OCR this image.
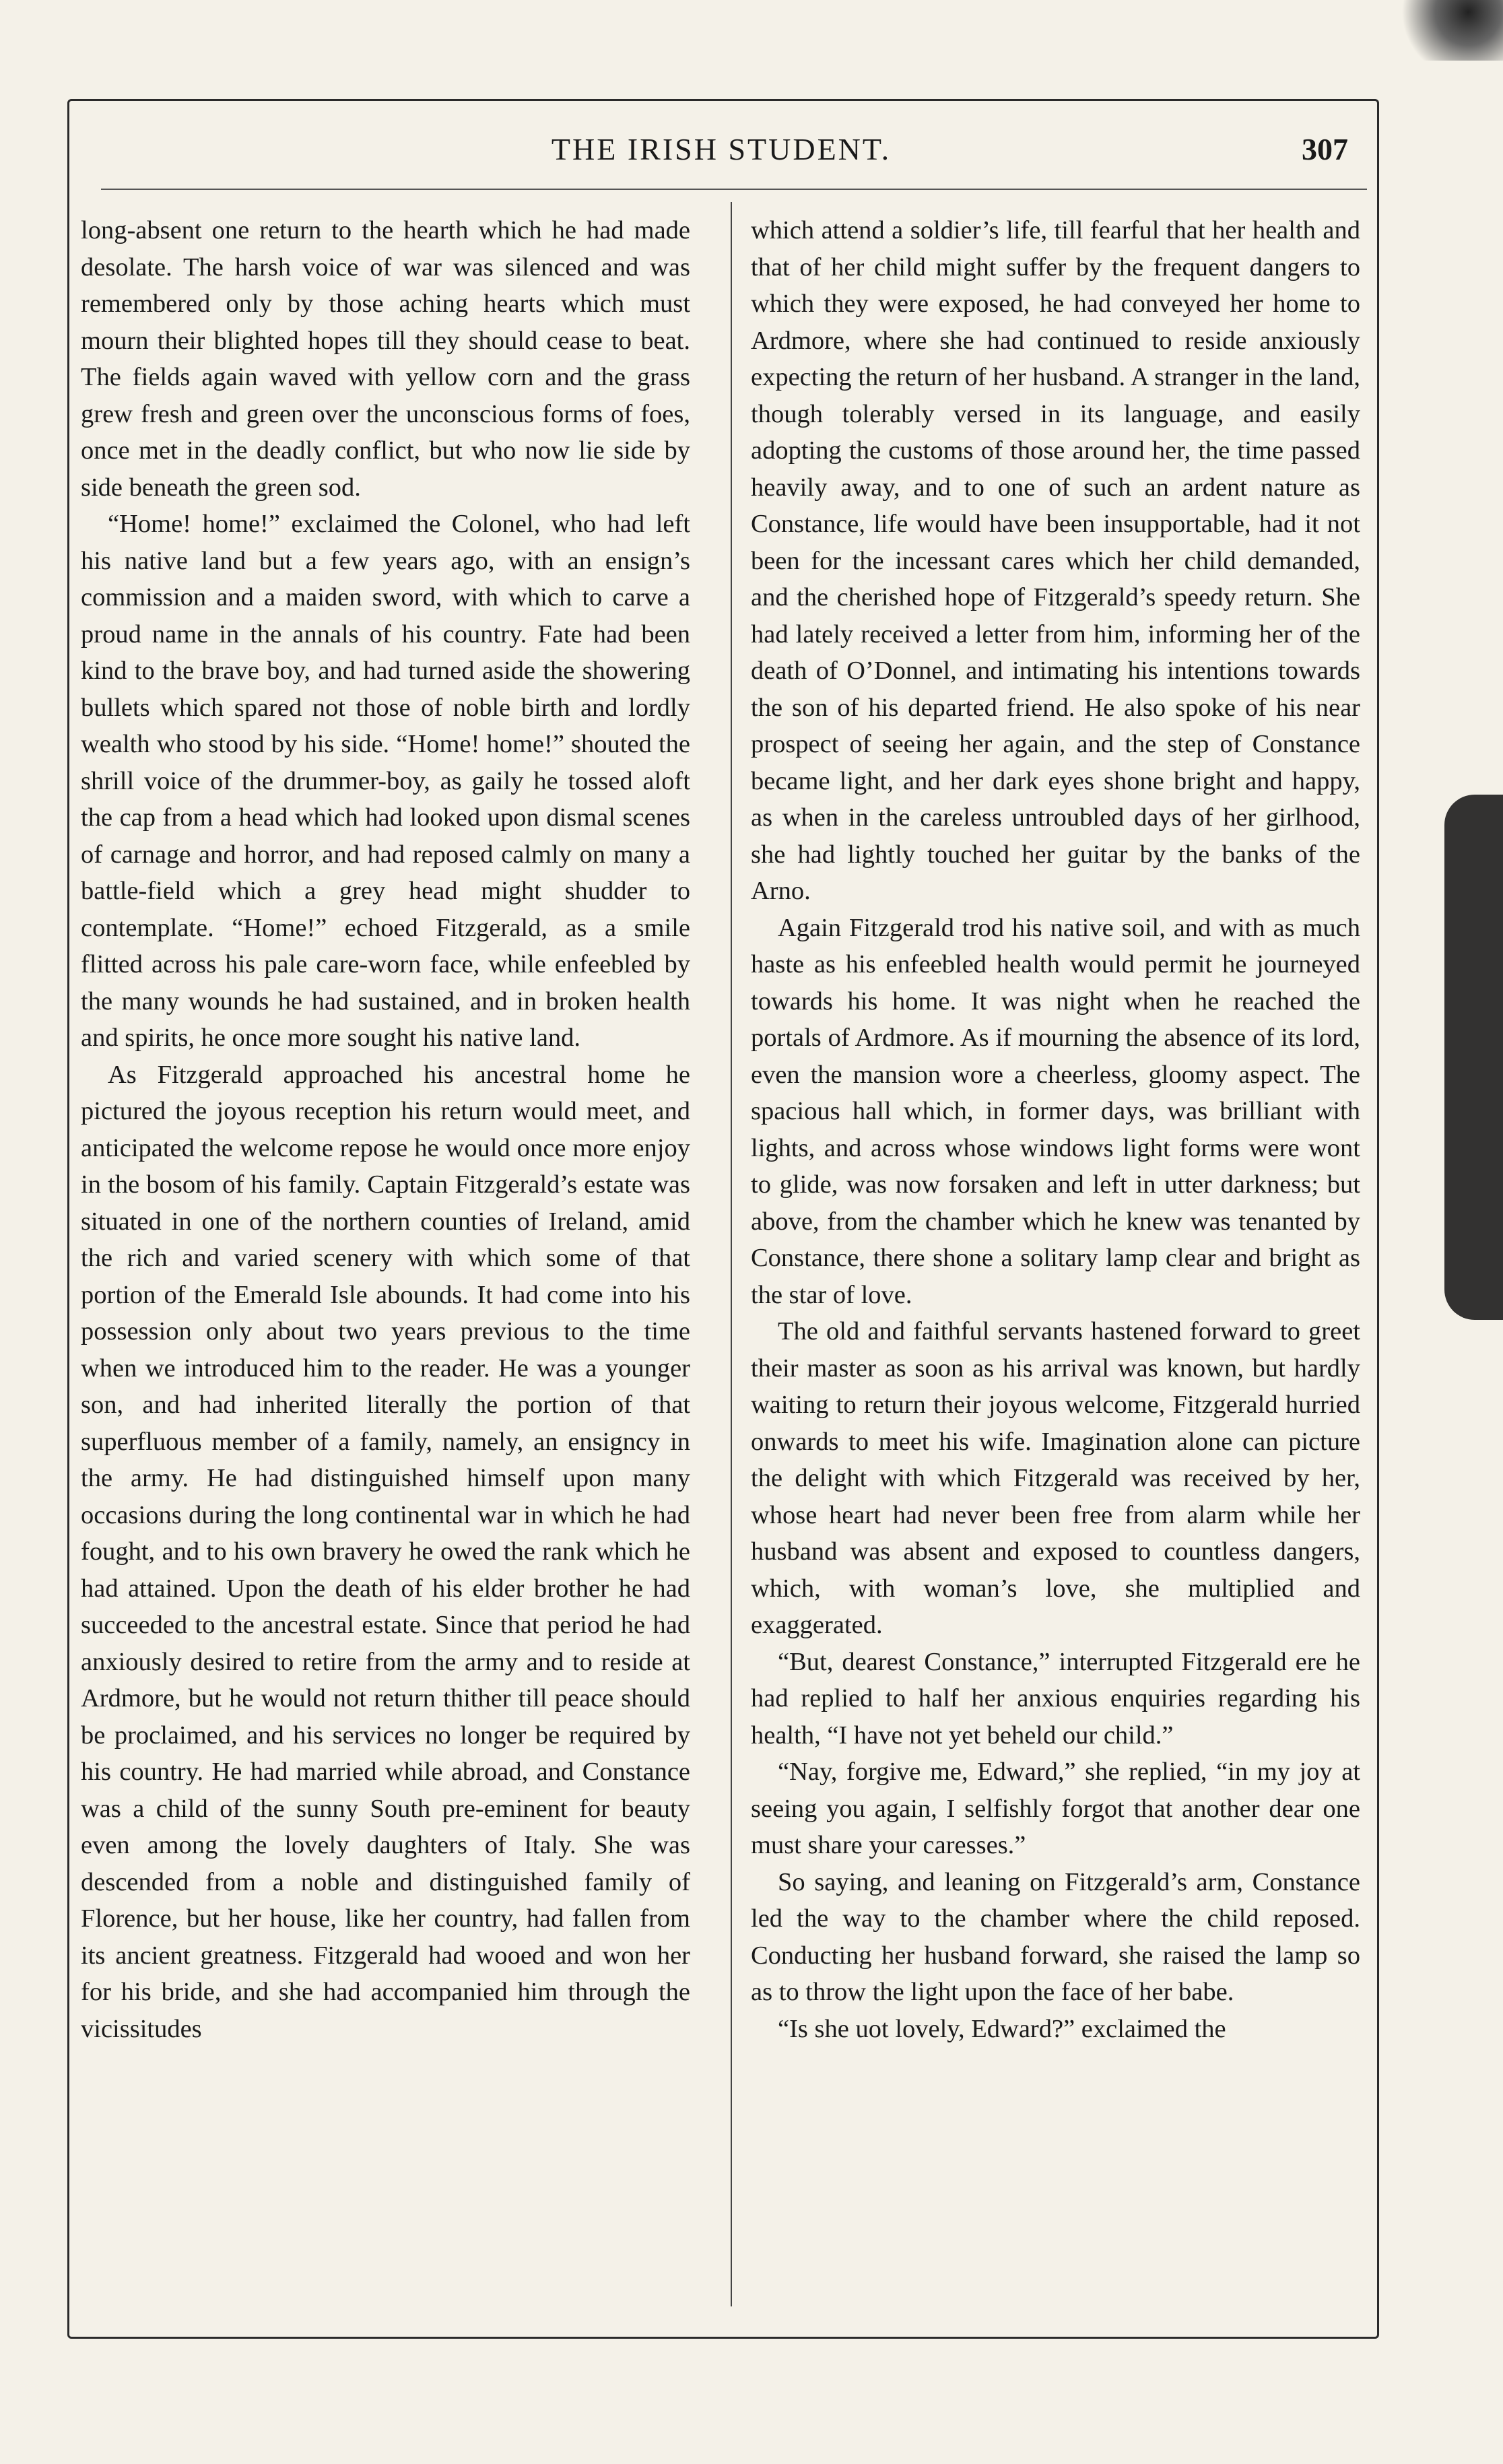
THE IRISH STUDENT.	307

long-absent one return to the hearth which he had made desolate. The harsh voice of war was silenced and was remembered only by those aching hearts which must mourn their blighted hopes till they should cease to beat. The fields again waved with yellow corn and the grass grew fresh and green over the unconscious forms of foes, once met in the deadly conflict, but who now lie side by side beneath the green sod.

“Home! home!” exclaimed the Colonel, who had left his native land but a few years ago, with an ensign’s commission and a maiden sword, with which to carve a proud name in the annals of his country. Fate had been kind to the brave boy, and had turned aside the showering bullets which spared not those of noble birth and lordly wealth who stood by his side. “Home! home!” shouted the shrill voice of the drummer-boy, as gaily he tossed aloft the cap from a head which had looked upon dismal scenes of carnage and horror, and had reposed calmly on many a battle-field which a grey head might shudder to contemplate. “Home!” echoed Fitzgerald, as a smile flitted across his pale care-worn face, while enfeebled by the many wounds he had sustained, and in broken health and spirits, he once more sought his native land.

As Fitzgerald approached his ancestral home he pictured the joyous reception his return would meet, and anticipated the welcome repose he would once more enjoy in the bosom of his family. Captain Fitzgerald’s estate was situated in one of the northern counties of Ireland, amid the rich and varied scenery with which some of that portion of the Emerald Isle abounds. It had come into his possession only about two years previous to the time when we introduced him to the reader. He was a younger son, and had inherited literally the portion of that superfluous member of a family, namely, an ensigncy in the army. He had distinguished himself upon many occasions during the long continental war in which he had fought, and to his own bravery he owed the rank which he had attained. Upon the death of his elder brother he had succeeded to the ancestral estate. Since that period he had anxiously desired to retire from the army and to reside at Ardmore, but he would not return thither till peace should be proclaimed, and his services no longer be required by his country. He had married while abroad, and Constance was a child of the sunny South pre-eminent for beauty even among the lovely daughters of Italy. She was descended from a noble and distinguished family of Florence, but her house, like her country, had fallen from its ancient greatness. Fitzgerald had wooed and won her for his bride, and she had accompanied him through the vicissitudes

which attend a soldier’s life, till fearful that her health and that of her child might suffer by the frequent dangers to which they were exposed, he had conveyed her home to Ardmore, where she had continued to reside anxiously expecting the return of her husband. A stranger in the land, though tolerably versed in its language, and easily adopting the customs of those around her, the time passed heavily away, and to one of such an ardent nature as Constance, life would have been insupportable, had it not been for the incessant cares which her child demanded, and the cherished hope of Fitzgerald’s speedy return. She had lately received a letter from him, informing her of the death of O’Donnel, and intimating his intentions towards the son of his departed friend. He also spoke of his near prospect of seeing her again, and the step of Constance became light, and her dark eyes shone bright and happy, as when in the careless untroubled days of her girlhood, she had lightly touched her guitar by the banks of the Arno.

Again Fitzgerald trod his native soil, and with as much haste as his enfeebled health would permit he journeyed towards his home. It was night when he reached the portals of Ardmore. As if mourning the absence of its lord, even the mansion wore a cheerless, gloomy aspect. The spacious hall which, in former days, was brilliant with lights, and across whose windows light forms were wont to glide, was now forsaken and left in utter darkness; but above, from the chamber which he knew was tenanted by Constance, there shone a solitary lamp clear and bright as the star of love.

The old and faithful servants hastened forward to greet their master as soon as his arrival was known, but hardly waiting to return their joyous welcome, Fitzgerald hurried onwards to meet his wife. Imagination alone can picture the delight with which Fitzgerald was received by her, whose heart had never been free from alarm while her husband was absent and exposed to countless dangers, which, with woman’s love, she multiplied and exaggerated.

“But, dearest Constance,” interrupted Fitzgerald ere he had replied to half her anxious enquiries regarding his health, “I have not yet beheld our child.”

“Nay, forgive me, Edward,” she replied, “in my joy at seeing you again, I selfishly forgot that another dear one must share your caresses.”

So saying, and leaning on Fitzgerald’s arm, Constance led the way to the chamber where the child reposed. Conducting her husband forward, she raised the lamp so as to throw the light upon the face of her babe.

“Is she uot lovely, Edward?” exclaimed the
